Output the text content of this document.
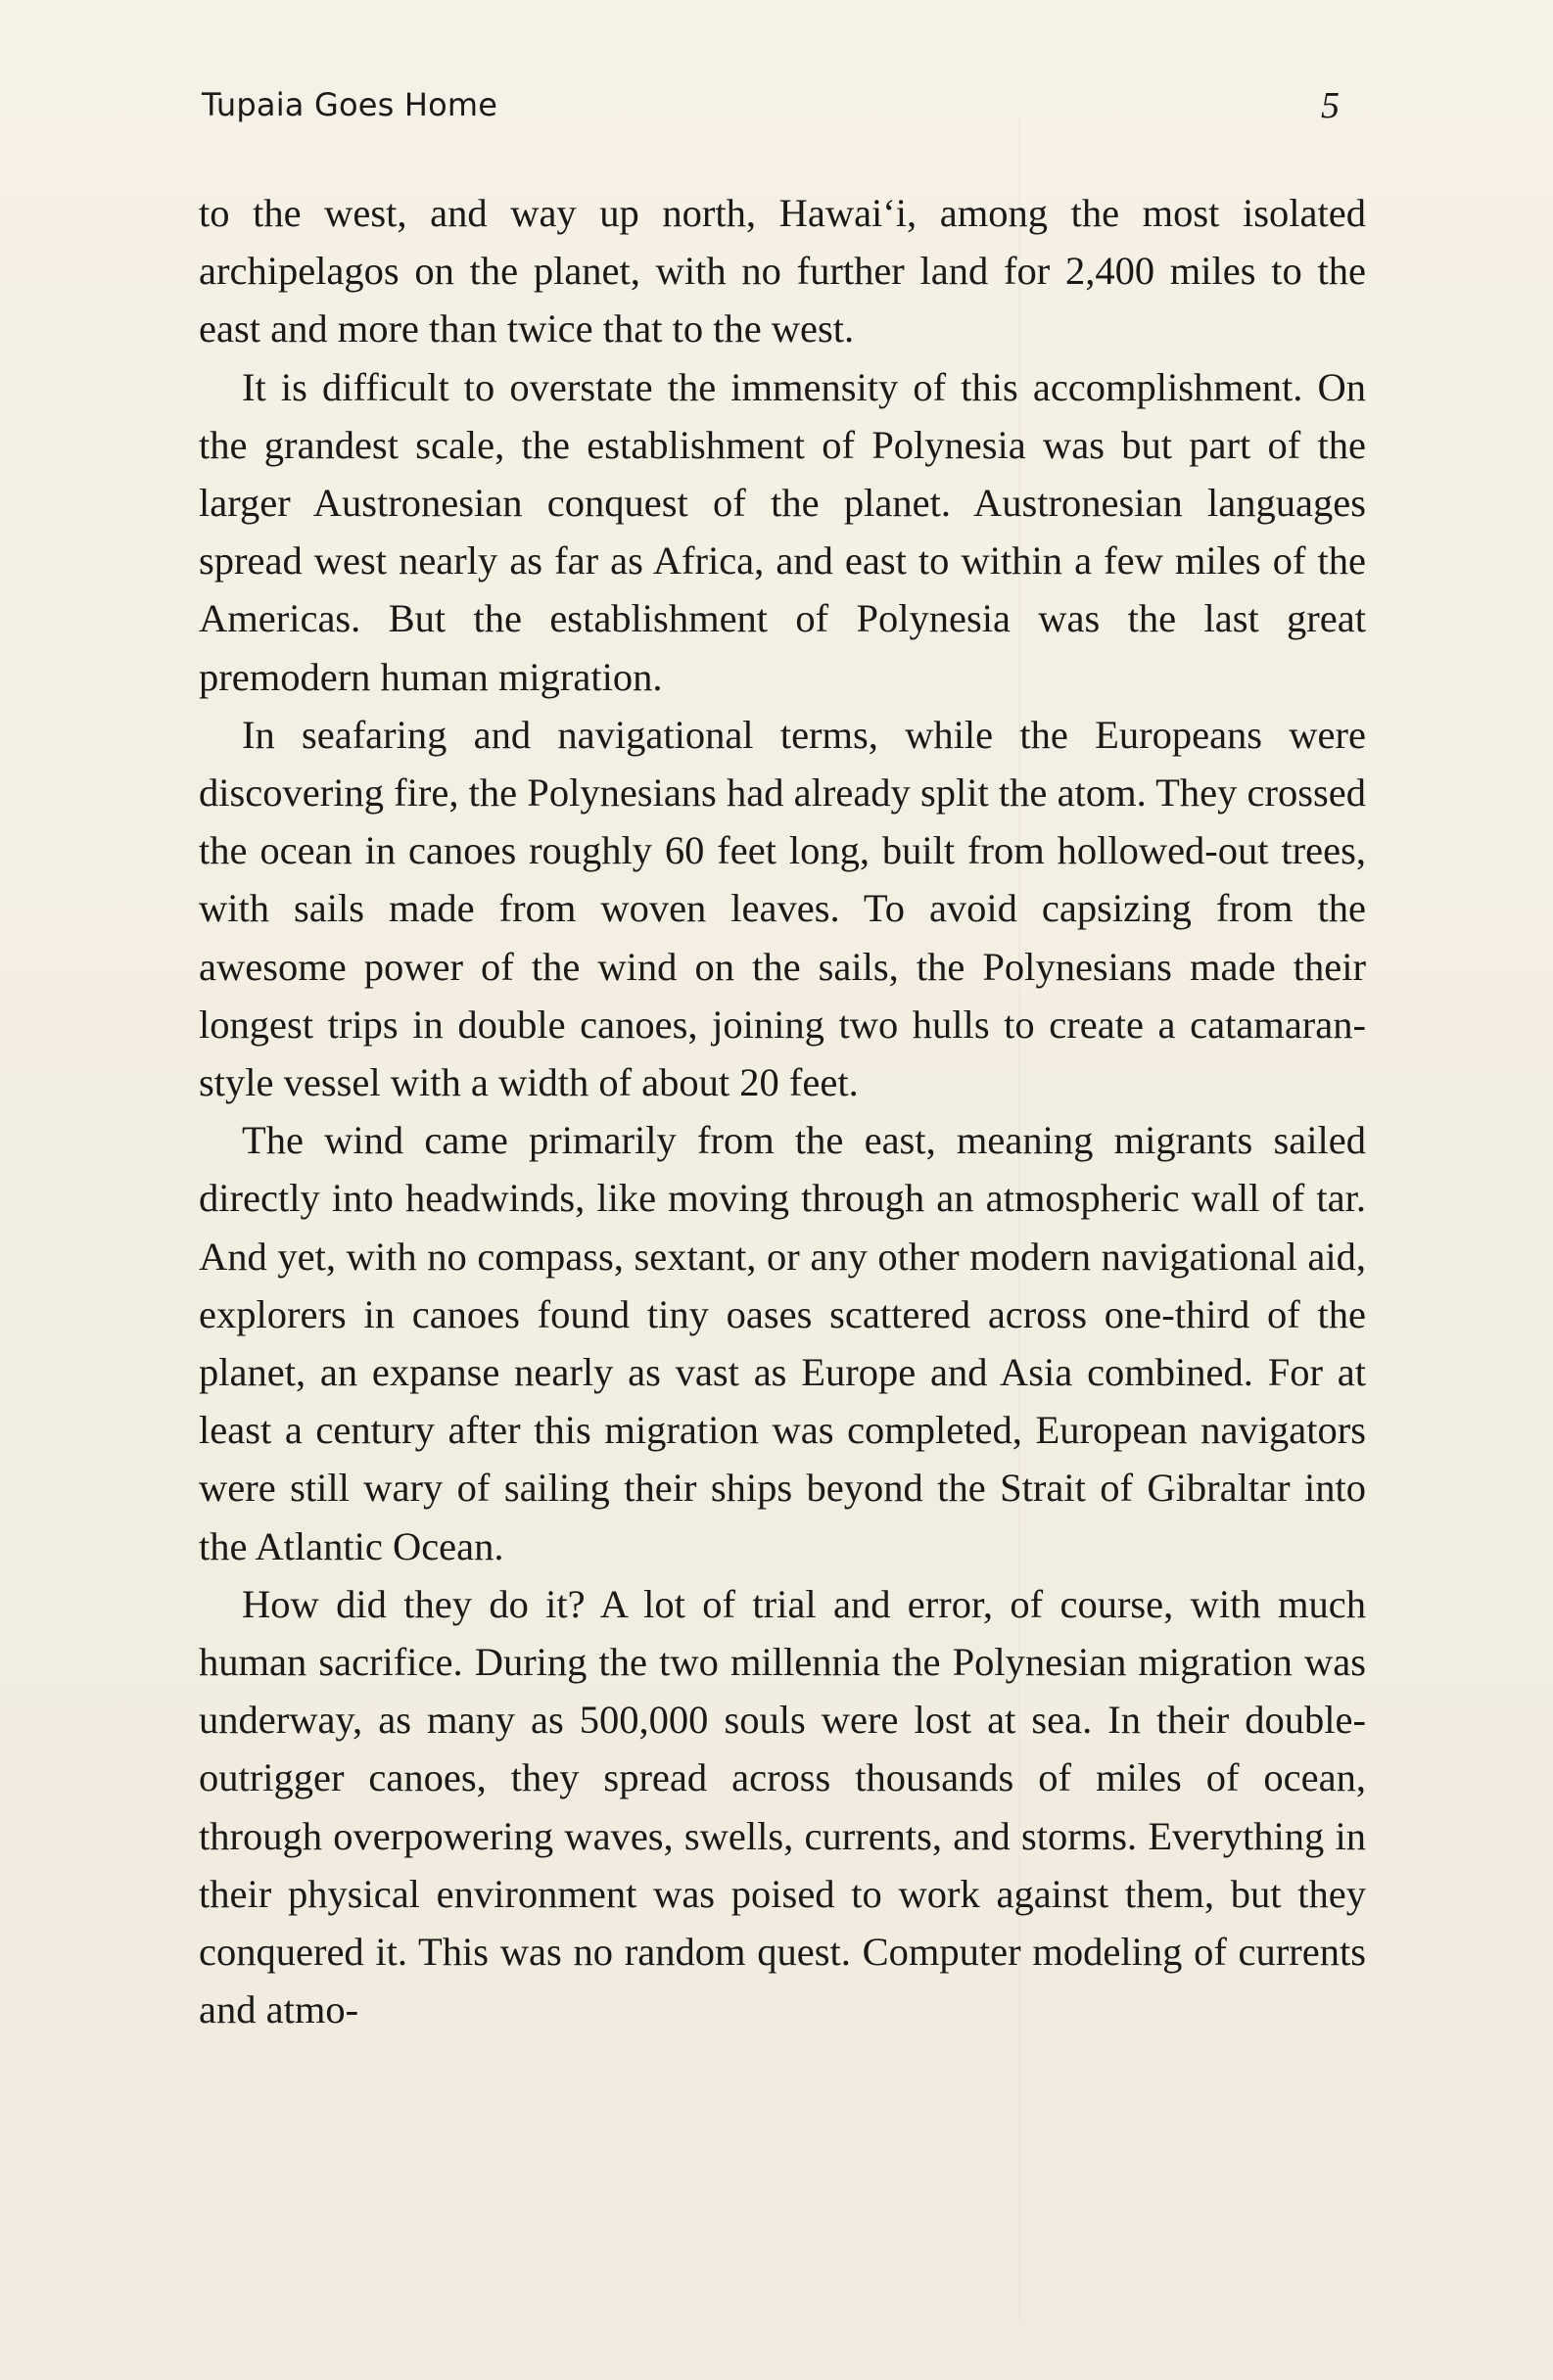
Tupaia Goes Home	5

to the west, and way up north, Hawai‘i, among the most isolated archipelagos on the planet, with no further land for 2,400 miles to the east and more than twice that to the west.

It is difficult to overstate the immensity of this accomplishment. On the grandest scale, the establishment of Polynesia was but part of the larger Austronesian conquest of the planet. Austronesian languages spread west nearly as far as Africa, and east to within a few miles of the Americas. But the establishment of Polynesia was the last great premodern human migration.

In seafaring and navigational terms, while the Europeans were discovering fire, the Polynesians had already split the atom. They crossed the ocean in canoes roughly 60 feet long, built from hollowed-out trees, with sails made from woven leaves. To avoid capsizing from the awesome power of the wind on the sails, the Polynesians made their longest trips in double canoes, joining two hulls to create a catamaran-style vessel with a width of about 20 feet.

The wind came primarily from the east, meaning migrants sailed directly into headwinds, like moving through an atmospheric wall of tar. And yet, with no compass, sextant, or any other modern navigational aid, explorers in canoes found tiny oases scattered across one-third of the planet, an expanse nearly as vast as Europe and Asia combined. For at least a century after this migration was completed, European navigators were still wary of sailing their ships beyond the Strait of Gibraltar into the Atlantic Ocean.

How did they do it? A lot of trial and error, of course, with much human sacrifice. During the two millennia the Polynesian migration was underway, as many as 500,000 souls were lost at sea. In their double-outrigger canoes, they spread across thousands of miles of ocean, through overpowering waves, swells, currents, and storms. Everything in their physical environment was poised to work against them, but they conquered it. This was no random quest. Computer modeling of currents and atmo-
